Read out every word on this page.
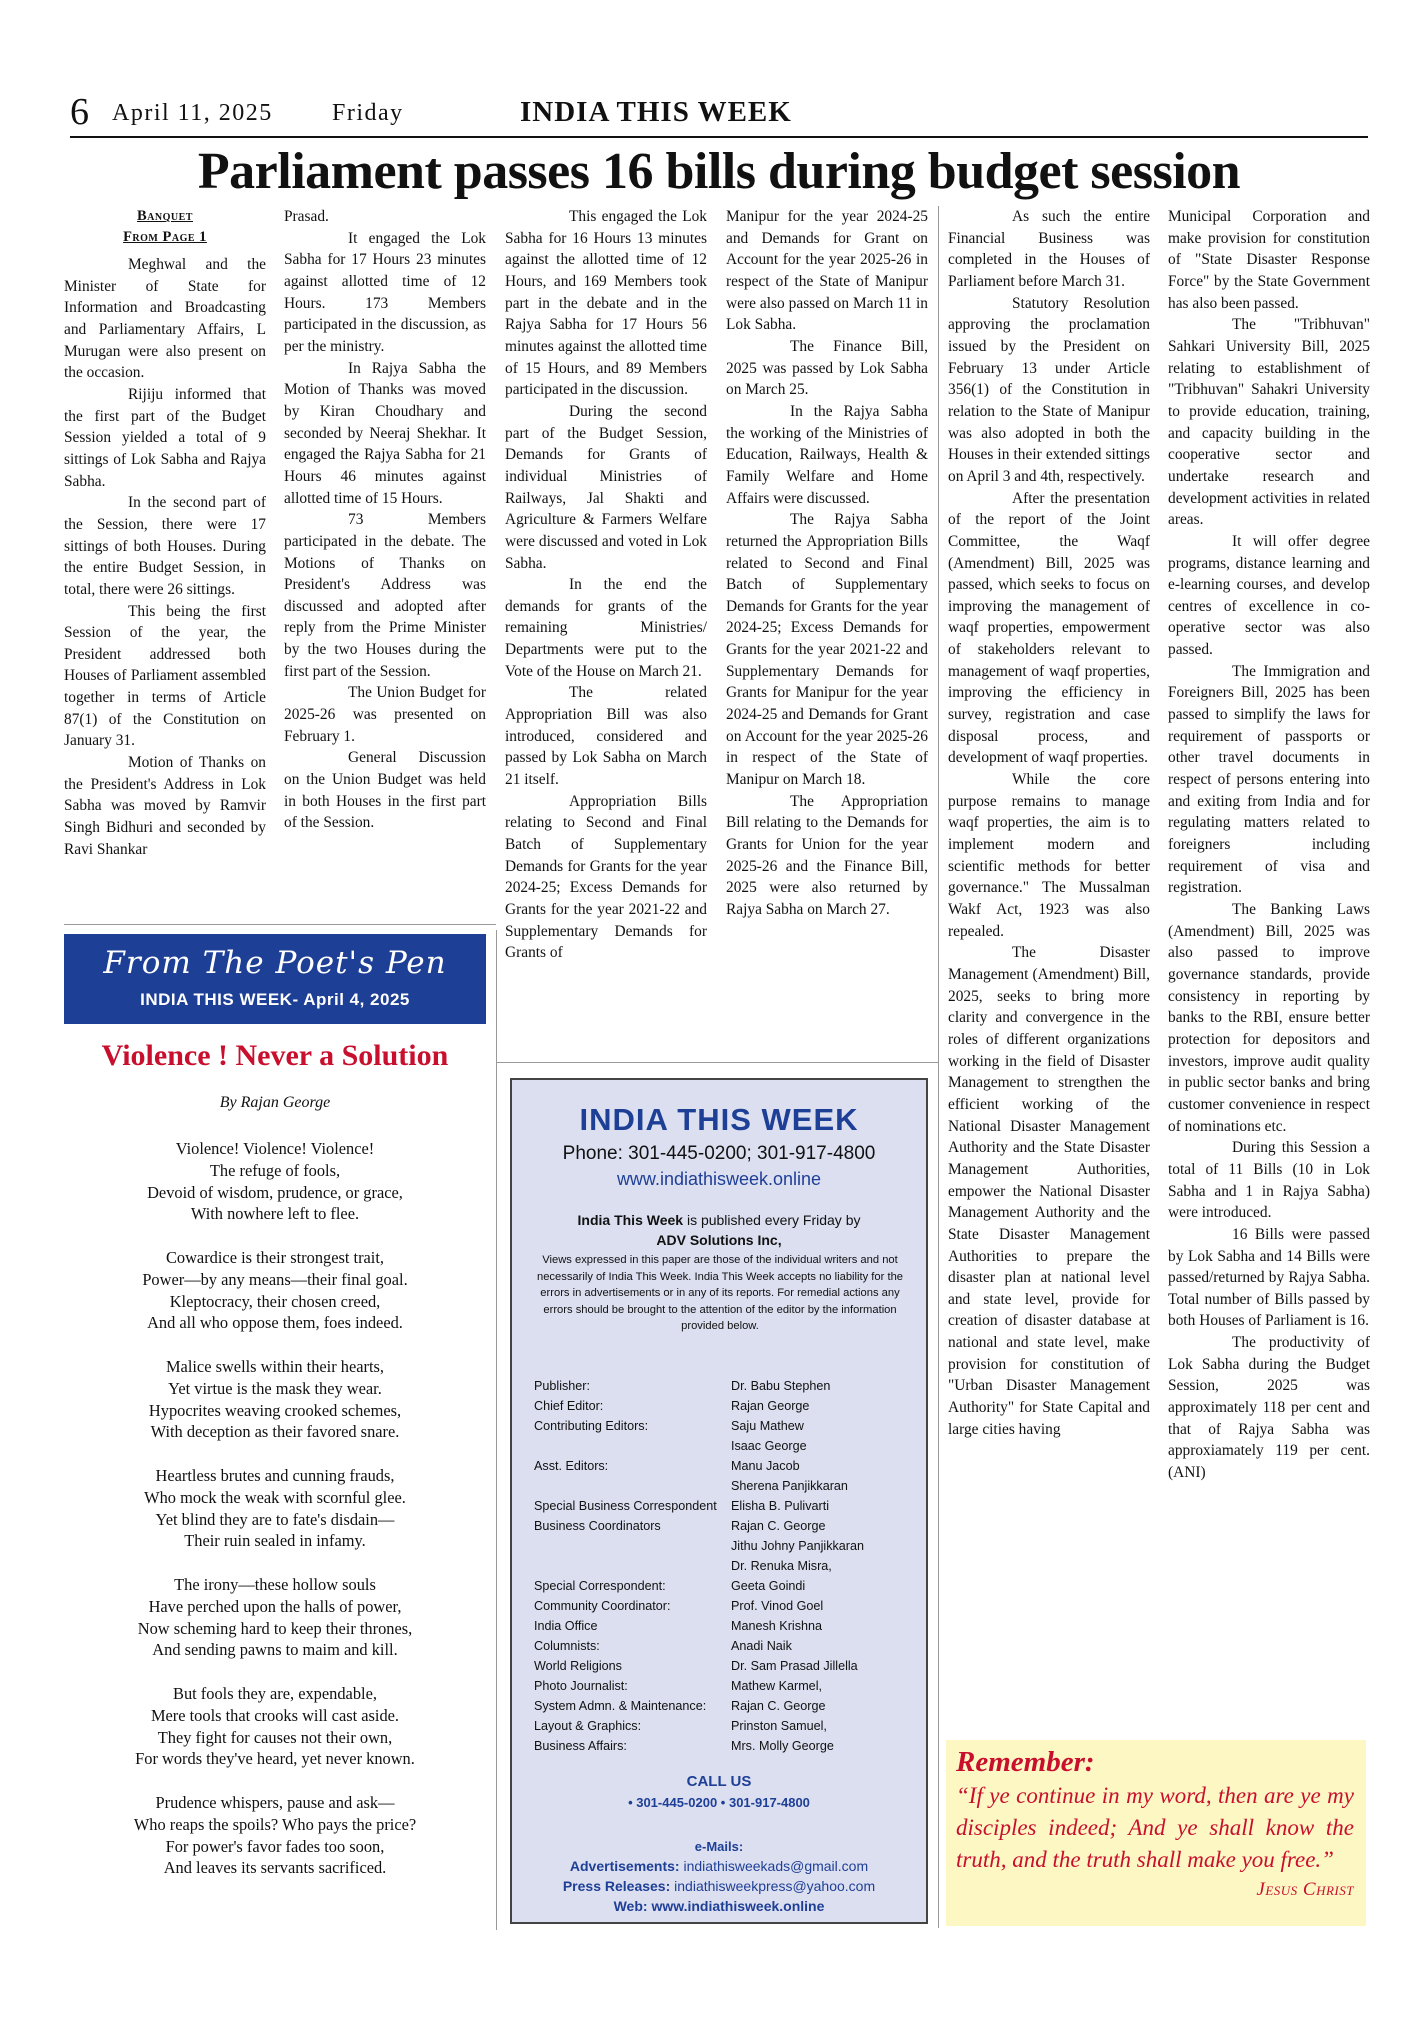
6 April 11, 2025 Friday	INDIA THIS WEEK
Parliament passes 16 bills during budget session
Banquet
From Page 1

Meghwal and the Minister of State for Information and Broadcasting and Parliamentary Affairs, L Murugan were also present on the occasion.

Rijiju informed that the first part of the Budget Session yielded a total of 9 sittings of Lok Sabha and Rajya Sabha.

In the second part of the Session, there were 17 sittings of both Houses. During the entire Budget Session, in total, there were 26 sittings.

This being the first Session of the year, the President addressed both Houses of Parliament assembled together in terms of Article 87(1) of the Constitution on January 31.

Motion of Thanks on the President's Address in Lok Sabha was moved by Ramvir Singh Bidhuri and seconded by Ravi Shankar

Prasad.

It engaged the Lok Sabha for 17 Hours 23 minutes against allotted time of 12 Hours. 173 Members participated in the discussion, as per the ministry.

In Rajya Sabha the Motion of Thanks was moved by Kiran Choudhary and seconded by Neeraj Shekhar. It engaged the Rajya Sabha for 21 Hours 46 minutes against allotted time of 15 Hours.

73 Members participated in the debate. The Motions of Thanks on President's Address was discussed and adopted after reply from the Prime Minister by the two Houses during the first part of the Session.

The Union Budget for 2025-26 was presented on February 1.

General Discussion on the Union Budget was held in both Houses in the first part of the Session.

This engaged the Lok Sabha for 16 Hours 13 minutes against the allotted time of 12 Hours, and 169 Members took part in the debate and in the Rajya Sabha for 17 Hours 56 minutes against the allotted time of 15 Hours, and 89 Members participated in the discussion.

During the second part of the Budget Session, Demands for Grants of individual Ministries of Railways, Jal Shakti and Agriculture & Farmers Welfare were discussed and voted in Lok Sabha.

In the end the demands for grants of the remaining Ministries/ Departments were put to the Vote of the House on March 21.

The related Appropriation Bill was also introduced, considered and passed by Lok Sabha on March 21 itself.

Appropriation Bills relating to Second and Final Batch of Supplementary Demands for Grants for the year 2024-25; Excess Demands for Grants for the year 2021-22 and Supplementary Demands for Grants of

Manipur for the year 2024-25 and Demands for Grant on Account for the year 2025-26 in respect of the State of Manipur were also passed on March 11 in Lok Sabha.

The Finance Bill, 2025 was passed by Lok Sabha on March 25.

In the Rajya Sabha the working of the Ministries of Education, Railways, Health & Family Welfare and Home Affairs were discussed.

The Rajya Sabha returned the Appropriation Bills related to Second and Final Batch of Supplementary Demands for Grants for the year 2024-25; Excess Demands for Grants for the year 2021-22 and Supplementary Demands for Grants for Manipur for the year 2024-25 and Demands for Grant on Account for the year 2025-26 in respect of the State of Manipur on March 18.

The Appropriation Bill relating to the Demands for Grants for Union for the year 2025-26 and the Finance Bill, 2025 were also returned by Rajya Sabha on March 27.

As such the entire Financial Business was completed in the Houses of Parliament before March 31.

Statutory Resolution approving the proclamation issued by the President on February 13 under Article 356(1) of the Constitution in relation to the State of Manipur was also adopted in both the Houses in their extended sittings on April 3 and 4th, respectively.

After the presentation of the report of the Joint Committee, the Waqf (Amendment) Bill, 2025 was passed, which seeks to focus on improving the management of waqf properties, empowerment of stakeholders relevant to management of waqf properties, improving the efficiency in survey, registration and case disposal process, and development of waqf properties.

While the core purpose remains to manage waqf properties, the aim is to implement modern and scientific methods for better governance." The Mussalman Wakf Act, 1923 was also repealed.

The Disaster Management (Amendment) Bill, 2025, seeks to bring more clarity and convergence in the roles of different organizations working in the field of Disaster Management to strengthen the efficient working of the National Disaster Management Authority and the State Disaster Management Authorities, empower the National Disaster Management Authority and the State Disaster Management Authorities to prepare the disaster plan at national level and state level, provide for creation of disaster database at national and state level, make provision for constitution of "Urban Disaster Management Authority" for State Capital and large cities having

Municipal Corporation and make provision for constitution of "State Disaster Response Force" by the State Government has also been passed.

The "Tribhuvan" Sahkari University Bill, 2025 relating to establishment of "Tribhuvan" Sahakri University to provide education, training, and capacity building in the cooperative sector and undertake research and development activities in related areas.

It will offer degree programs, distance learning and e-learning courses, and develop centres of excellence in co-operative sector was also passed.

The Immigration and Foreigners Bill, 2025 has been passed to simplify the laws for requirement of passports or other travel documents in respect of persons entering into and exiting from India and for regulating matters related to foreigners including requirement of visa and registration.

The Banking Laws (Amendment) Bill, 2025 was also passed to improve governance standards, provide consistency in reporting by banks to the RBI, ensure better protection for depositors and investors, improve audit quality in public sector banks and bring customer convenience in respect of nominations etc.

During this Session a total of 11 Bills (10 in Lok Sabha and 1 in Rajya Sabha) were introduced.

16 Bills were passed by Lok Sabha and 14 Bills were passed/returned by Rajya Sabha. Total number of Bills passed by both Houses of Parliament is 16.

The productivity of Lok Sabha during the Budget Session, 2025 was approximately 118 per cent and that of Rajya Sabha was approxiamately 119 per cent. (ANI)

From The Poet's Pen
INDIA THIS WEEK- April 4, 2025
Violence ! Never a Solution
By Rajan George
Violence! Violence! Violence!
The refuge of fools,
Devoid of wisdom, prudence, or grace,
With nowhere left to flee.
Cowardice is their strongest trait,
Power—by any means—their final goal.
Kleptocracy, their chosen creed,
And all who oppose them, foes indeed.
Malice swells within their hearts,
Yet virtue is the mask they wear.
Hypocrites weaving crooked schemes,
With deception as their favored snare.
Heartless brutes and cunning frauds,
Who mock the weak with scornful glee.
Yet blind they are to fate's disdain—
Their ruin sealed in infamy.
The irony—these hollow souls
Have perched upon the halls of power,
Now scheming hard to keep their thrones,
And sending pawns to maim and kill.
But fools they are, expendable,
Mere tools that crooks will cast aside.
They fight for causes not their own,
For words they've heard, yet never known.
Prudence whispers, pause and ask—
Who reaps the spoils? Who pays the price?
For power's favor fades too soon,
And leaves its servants sacrificed.
INDIA THIS WEEK
Phone: 301-445-0200; 301-917-4800
www.indiathisweek.online
India This Week is published every Friday by
ADV Solutions Inc,
Views expressed in this paper are those of the individual writers and not necessarily of India This Week. India This Week accepts no liability for the errors in advertisements or in any of its reports. For remedial actions any errors should be brought to the attention of the editor by the information provided below.
Publisher:	Dr. Babu Stephen
Chief Editor:	Rajan George
Contributing Editors:	Saju Mathew
Isaac George
Asst. Editors:	Manu Jacob
Sherena Panjikkaran
Special Business Correspondent	Elisha B. Pulivarti
Business Coordinators	Rajan C. George
Jithu Johny Panjikkaran
Dr. Renuka Misra,
Special Correspondent:	Geeta Goindi
Community Coordinator:	Prof. Vinod Goel
India Office	Manesh Krishna
Columnists:	Anadi Naik
World Religions	Dr. Sam Prasad Jillella
Photo Journalist:	Mathew Karmel,
System Admn. & Maintenance:	Rajan C. George
Layout & Graphics:	Prinston Samuel,
Business Affairs:	Mrs. Molly George
CALL US
• 301-445-0200 • 301-917-4800
e-Mails:
Advertisements: indiathisweekads@gmail.com
Press Releases: indiathisweekpress@yahoo.com
Web: www.indiathisweek.online
Remember:
“If ye continue in my word, then are ye my disciples indeed; And ye shall know the truth, and the truth shall make you free.”
Jesus Christ
